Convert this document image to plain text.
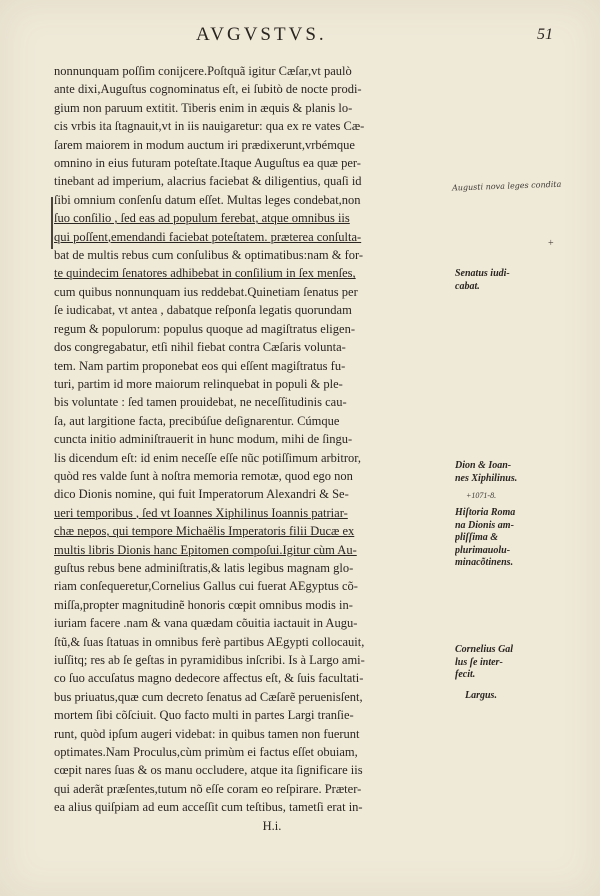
AVGVSTVS.	51
nonnunquam poſſim conijcere.Poſtquã igitur Cæſar,vt paulò
ante dixi,Auguſtus cognominatus eſt, ei ſubitò de nocte prodi-
gium non paruum extitit. Tiberis enim in æquis & planis lo-
cis vrbis ita ſtagnauit,vt in iis nauigaretur: qua ex re vates Cæ-
ſarem maiorem in modum auctum iri prædixerunt,vrbémque
omnino in eius futuram poteſtate.Itaque Auguſtus ea quæ per-
tinebant ad imperium, alacrius faciebat & diligentius, quaſi id
ſibi omnium conſenſu datum eſſet. Multas leges condebat,non
ſuo conſilio , ſed eas ad populum ferebat, atque omnibus iis
qui poſſent,emendandi faciebat poteſtatem. præterea conſulta-
bat de multis rebus cum conſulibus & optimatibus:nam & for-
te quindecim ſenatores adhibebat in conſilium in ſex menſes,
cum quibus nonnunquam ius reddebat.Quinetiam ſenatus per
ſe iudicabat, vt antea , dabatque reſponſa legatis quorundam
regum & populorum: populus quoque ad magiſtratus eligen-
dos congregabatur, etſi nihil fiebat contra Cæſaris volunta-
tem. Nam partim proponebat eos qui eſſent magiſtratus fu-
turi, partim id more maiorum relinquebat in populi & ple-
bis voluntate : ſed tamen prouidebat, ne neceſſitudinis cau-
ſa, aut largitione facta, precibúſue deſignarentur. Cúmque
cuncta initio adminiſtrauerit in hunc modum, mihi de ſingu-
lis dicendum eſt: id enim neceſſe eſſe nũc potiſſimum arbitror,
quòd res valde ſunt à noſtra memoria remotæ, quod ego non
dico Dionis nomine, qui fuit Imperatorum Alexandri & Se-
ueri temporibus , ſed vt Ioannes Xiphilinus Ioannis patriar-
chæ nepos, qui tempore Michaëlis Imperatoris filii Ducæ ex
multis libris Dionis hanc Epitomen compoſui.Igitur cùm Au-
guſtus rebus bene adminiſtratis,& latis legibus magnam glo-
riam conſequeretur,Cornelius Gallus cui fuerat AEgyptus cõ-
miſſa,propter magnitudinẽ honoris cœpit omnibus modis in-
iuriam facere .nam & vana quædam cõuitia iactauit in Augu-
ſtũ,& ſuas ſtatuas in omnibus ferè partibus AEgypti collocauit,
iuſſitq; res ab ſe geſtas in pyramidibus inſcribi. Is à Largo ami-
co ſuo accuſatus magno dedecore affectus eſt, & ſuis facultati-
bus priuatus,quæ cum decreto ſenatus ad Cæſarẽ peruenisſent,
mortem ſibi cõſciuit. Quo facto multi in partes Largi tranſie-
runt, quòd ipſum augeri videbat: in quibus tamen non fuerunt
optimates.Nam Proculus,cùm primùm ei factus eſſet obuiam,
cœpit nares ſuas & os manu occludere, atque ita ſignificare iis
qui aderãt præſentes,tutum nõ eſſe coram eo reſpirare. Præter-
ea alius quiſpiam ad eum acceſſit cum teſtibus, tametſi erat in-
H.i.
Augusti nova leges condita
+
Senatus iudi-
cabat.
Dion & Ioan-
nes Xiphilinus.
+1071-8.
Hiſtoria Roma
na Dionis am-
pliſſima &
plurimauolu-
minacõtinens.
Cornelius Gal
lus ſe inter-
fecit.
Largus.
